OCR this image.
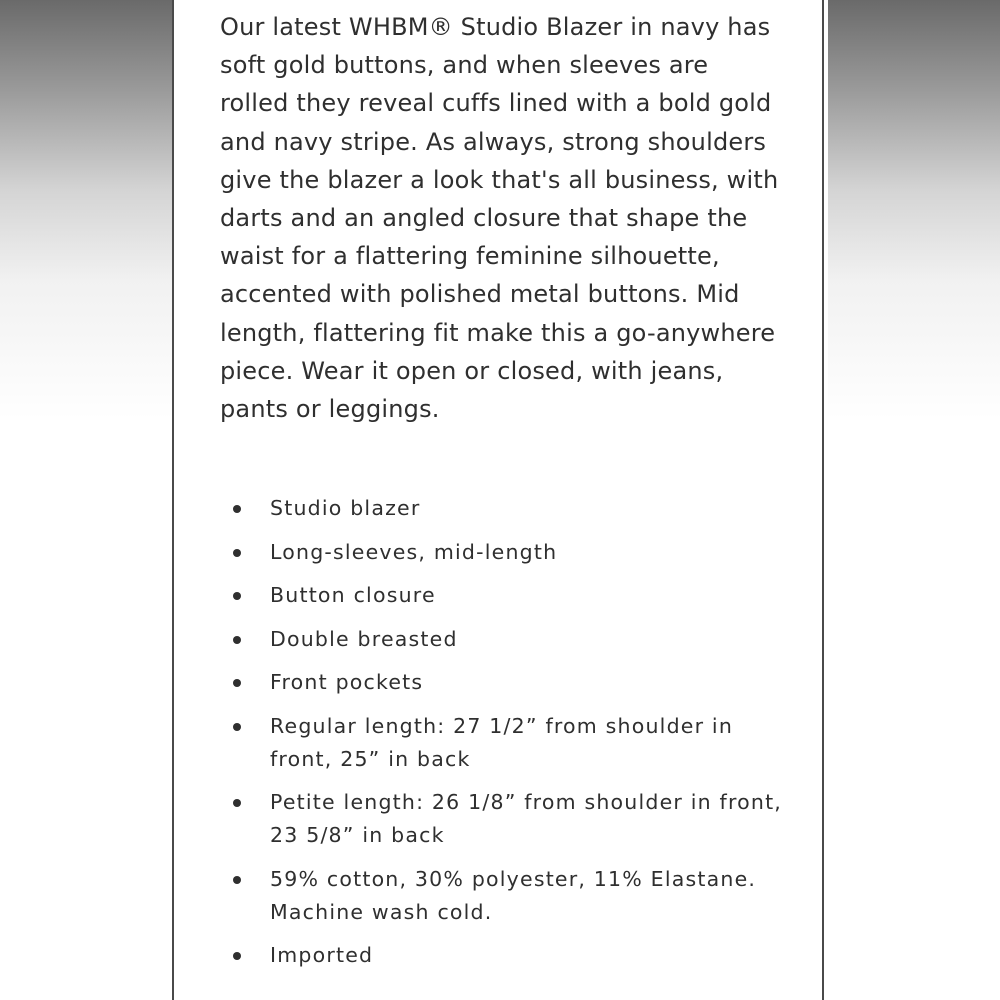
Our latest WHBM® Studio Blazer in navy has soft gold buttons, and when sleeves are rolled they reveal cuffs lined with a bold gold and navy stripe. As always, strong shoulders give the blazer a look that's all business, with darts and an angled closure that shape the waist for a flattering feminine silhouette, accented with polished metal buttons. Mid length, flattering fit make this a go-anywhere piece. Wear it open or closed, with jeans, pants or leggings.

Studio blazer
Long-sleeves, mid-length
Button closure
Double breasted
Front pockets
Regular length: 27 1/2” from shoulder in front, 25” in back
Petite length: 26 1/8” from shoulder in front, 23 5/8” in back
59% cotton, 30% polyester, 11% Elastane. Machine wash cold.
Imported
